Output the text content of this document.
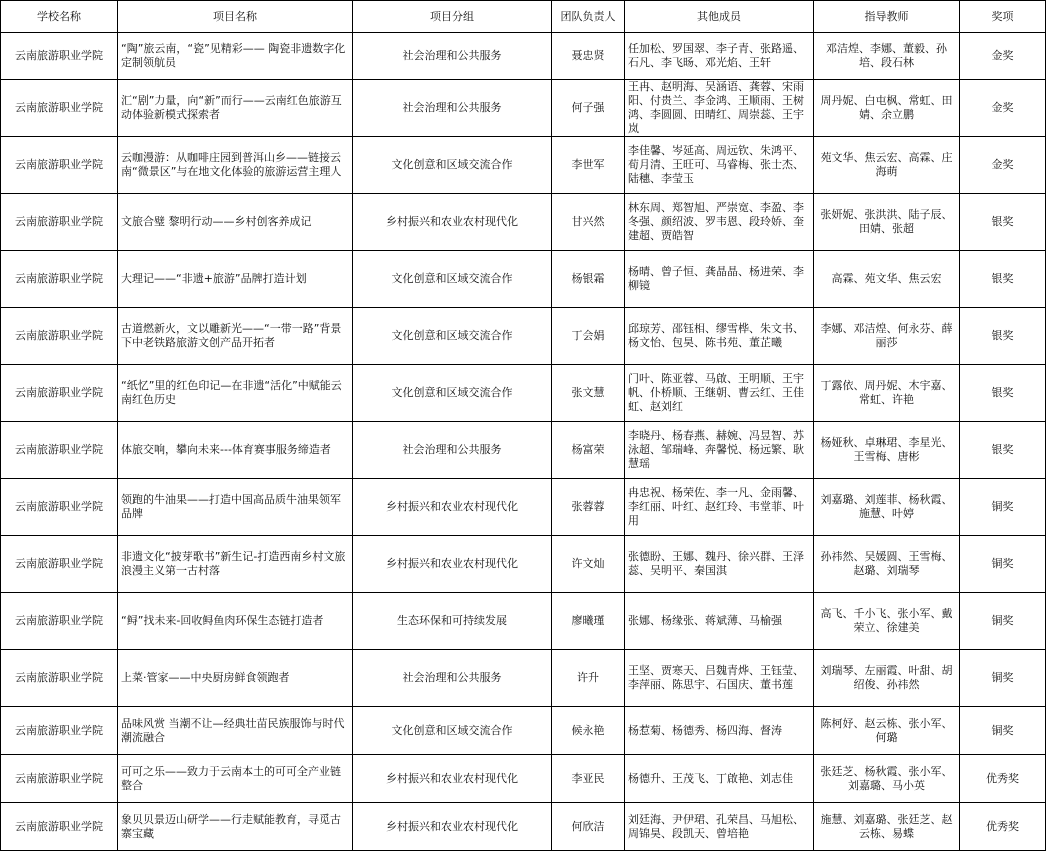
学校名称	项目名称	项目分组	团队负责人	其他成员	指导教师	奖项
云南旅游职业学院	“陶”旅云南，“瓷”见精彩—— 陶瓷非遗数字化定制领航员	社会治理和公共服务	聂忠贤	任加松、罗国翠、李子青、张路遥、石凡、李飞旸、邓光焰、王轩	邓洁煌、李娜、董毅、孙培、段石林	金奖
云南旅游职业学院	汇“剧”力量，向“新”而行——云南红色旅游互动体验新模式探索者	社会治理和公共服务	何子强	王冉、赵明海、吴涵语、龚蓉、宋雨阳、付贵兰、李金鸿、王顺雨、王树鸿、李圆圆、田晴红、周崇蕊、王宇岚	周丹妮、白屯枫、常虹、田婧、余立鹏	金奖
云南旅游职业学院	云咖漫游：从咖啡庄园到普洱山乡——链接云南“微景区”与在地文化体验的旅游运营主理人	文化创意和区域交流合作	李世军	李佳馨、岑延高、周远钦、朱鸿平、荀月清、王旺可、马睿梅、张士杰、陆穗、李莹玉	苑文华、焦云宏、高霖、庄海萌	金奖
云南旅游职业学院	文旅合璧 黎明行动——乡村创客养成记	乡村振兴和农业农村现代化	甘兴然	林东周、郑智旭、严崇宽、李盈、李冬强、颜绍波、罗韦恩、段玲娇、奎建超、贾皓智	张妍妮、张洪洪、陆子辰、田婧、张超	银奖
云南旅游职业学院	大理记——“非遗+旅游”品牌打造计划	文化创意和区域交流合作	杨银霜	杨晴、曾子恒、龚晶晶、杨进荣、李柳镜	高霖、苑文华、焦云宏	银奖
云南旅游职业学院	古道燃新火，文以雕新光——“一带一路”背景下中老铁路旅游文创产品开拓者	文化创意和区域交流合作	丁会娟	邱琼芳、邵钰相、缪雪桦、朱文书、杨文怡、包昊、陈书苑、董芷曦	李娜、邓洁煌、何永芬、薛丽莎	银奖
云南旅游职业学院	“纸忆”里的红色印记—在非遗“活化”中赋能云南红色历史	文化创意和区域交流合作	张文慧	门叶、陈亚蓉、马啟、王明顺、王宇帆、仆桥顺、王继朝、曹云红、王佳虹、赵刘红	丁露依、周丹妮、木宇嘉、常虹、许艳	银奖
云南旅游职业学院	体旅交响，攀向未来---体育赛事服务缔造者	社会治理和公共服务	杨富荣	李晓丹、杨春燕、赫婉、冯昱智、苏泳超、邹瑞峰、奔馨悦、杨远繁、耿慧瑶	杨娅秋、卓琳珺、李星光、王雪梅、唐彬	银奖
云南旅游职业学院	领跑的牛油果——打造中国高品质牛油果领军品牌	乡村振兴和农业农村现代化	张蓉蓉	冉忠祝、杨荣佐、李一凡、金雨馨、李红丽、叶红、赵红玲、韦堂菲、叶用	刘嘉璐、刘莲菲、杨秋霞、施慧、叶婷	铜奖
云南旅游职业学院	非遗文化“披芽歌书”新生记-打造西南乡村文旅浪漫主义第一古村落	乡村振兴和农业农村现代化	许文灿	张德盼、王娜、魏丹、徐兴群、王泽蕊、吴明平、秦国淇	孙祎然、吴媛圆、王雪梅、赵璐、刘瑞琴	铜奖
云南旅游职业学院	“鲟”找未来-回收鲟鱼肉环保生态链打造者	生态环保和可持续发展	廖曦瑾	张娜、杨缘张、蒋斌薄、马榆强	高飞、千小飞、张小军、戴荣立、徐建美	铜奖
云南旅游职业学院	上菜·管家——中央厨房鲜食领跑者	社会治理和公共服务	许升	王坚、贾寒天、吕魏青烨、王钰莹、李萍丽、陈思宇、石国庆、董书莲	刘瑞琴、左丽霞、叶甜、胡绍俊、孙祎然	铜奖
云南旅游职业学院	品味风赏 当潮不让—经典壮苗民族服饰与时代潮流融合	文化创意和区域交流合作	候永艳	杨惹菊、杨德秀、杨四海、督涛	陈柯妤、赵云栋、张小军、何璐	铜奖
云南旅游职业学院	可可之乐——致力于云南本土的可可全产业链整合	乡村振兴和农业农村现代化	李亚民	杨德升、王茂飞、丁啟艳、刘志佳	张廷芝、杨秋霞、张小军、刘嘉璐、马小英	优秀奖
云南旅游职业学院	象贝贝景迈山研学——行走赋能教育，寻觅古寨宝藏	乡村振兴和农业农村现代化	何欣洁	刘廷海、尹伊珺、孔荣昌、马旭松、周锦昊、段凯天、曾培艳	施慧、刘嘉璐、张廷芝、赵云栋、易蝶	优秀奖
